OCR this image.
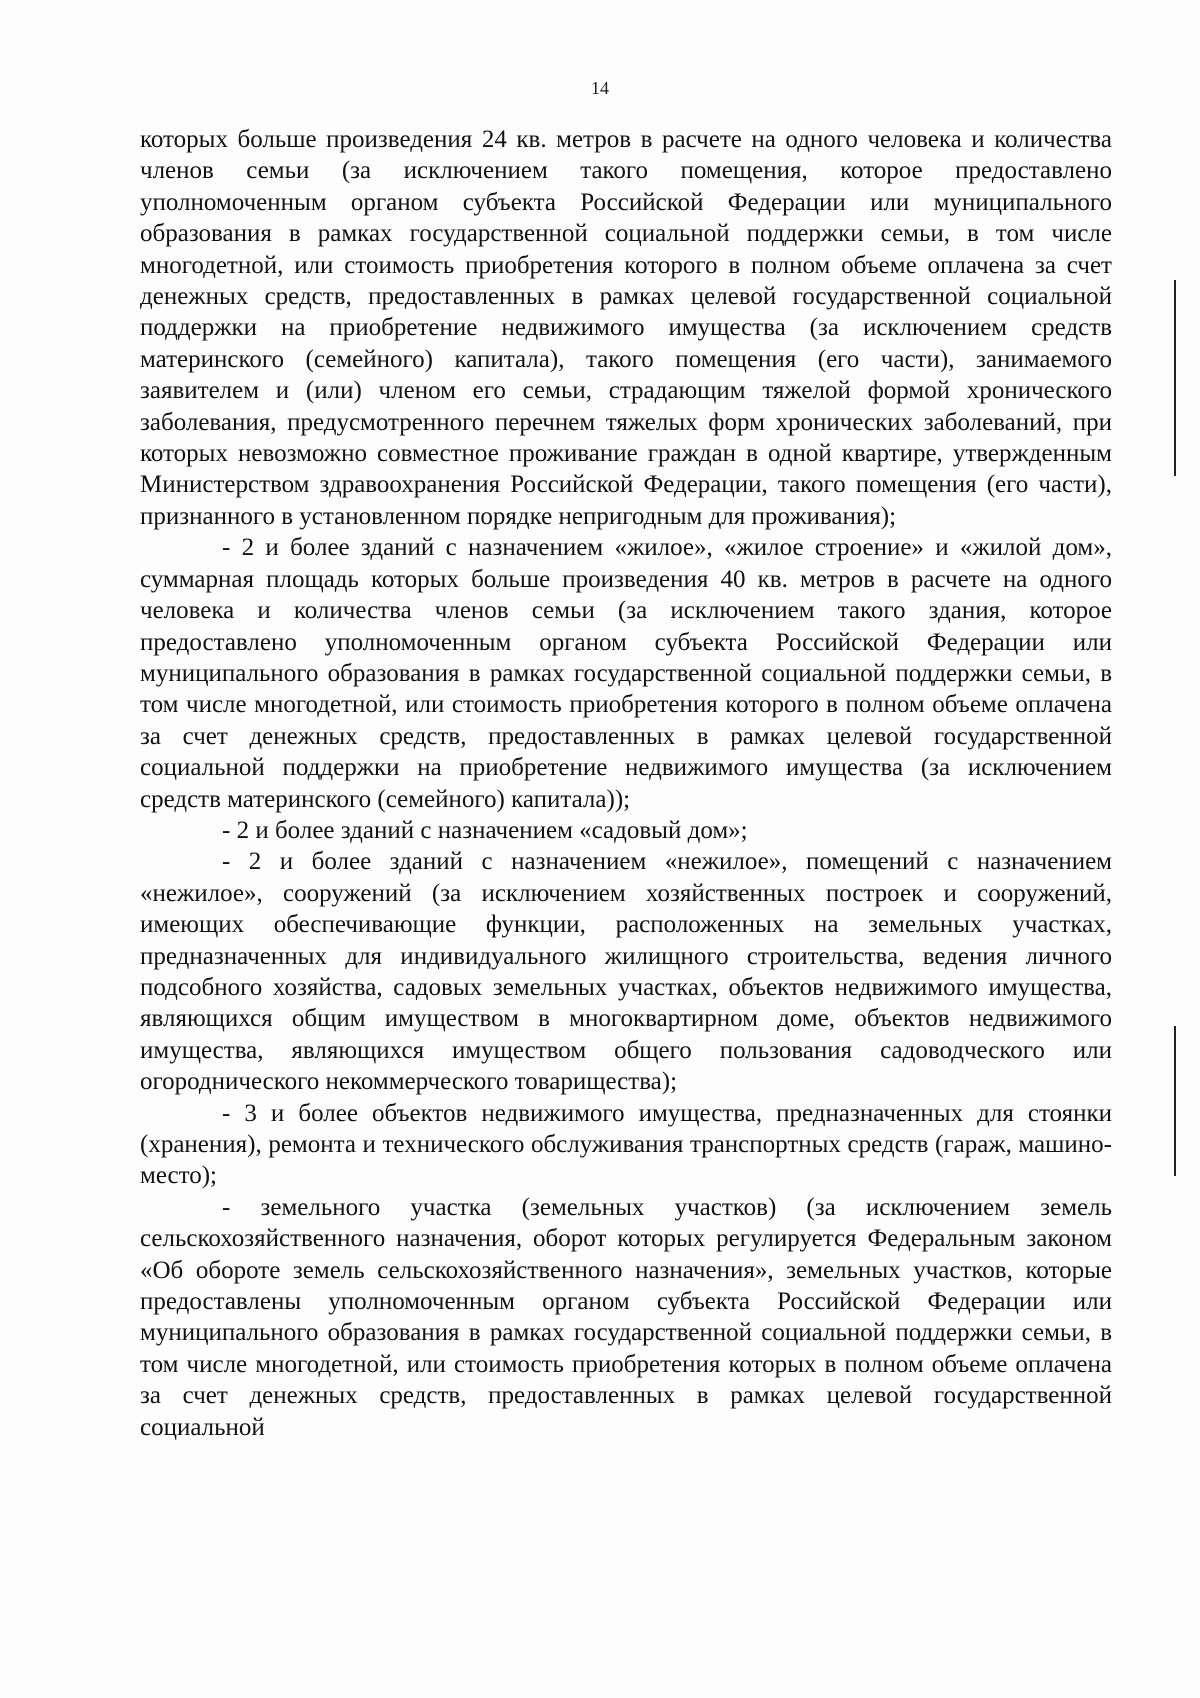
14

которых больше произведения 24 кв. метров в расчете на одного человека и количества членов семьи (за исключением такого помещения, которое предоставлено уполномоченным органом субъекта Российской Федерации или муниципального образования в рамках государственной социальной поддержки семьи, в том числе многодетной, или стоимость приобретения которого в полном объеме оплачена за счет денежных средств, предоставленных в рамках целевой государственной социальной поддержки на приобретение недвижимого имущества (за исключением средств материнского (семейного) капитала), такого помещения (его части), занимаемого заявителем и (или) членом его семьи, страдающим тяжелой формой хронического заболевания, предусмотренного перечнем тяжелых форм хронических заболеваний, при которых невозможно совместное проживание граждан в одной квартире, утвержденным Министерством здравоохранения Российской Федерации, такого помещения (его части), признанного в установленном порядке непригодным для проживания);

- 2 и более зданий с назначением «жилое», «жилое строение» и «жилой дом», суммарная площадь которых больше произведения 40 кв. метров в расчете на одного человека и количества членов семьи (за исключением такого здания, которое предоставлено уполномоченным органом субъекта Российской Федерации или муниципального образования в рамках государственной социальной поддержки семьи, в том числе многодетной, или стоимость приобретения которого в полном объеме оплачена за счет денежных средств, предоставленных в рамках целевой государственной социальной поддержки на приобретение недвижимого имущества (за исключением средств материнского (семейного) капитала));

- 2 и более зданий с назначением «садовый дом»;

- 2 и более зданий с назначением «нежилое», помещений с назначением «нежилое», сооружений (за исключением хозяйственных построек и сооружений, имеющих обеспечивающие функции, расположенных на земельных участках, предназначенных для индивидуального жилищного строительства, ведения личного подсобного хозяйства, садовых земельных участках, объектов недвижимого имущества, являющихся общим имуществом в многоквартирном доме, объектов недвижимого имущества, являющихся имуществом общего пользования садоводческого или огороднического некоммерческого товарищества);

- 3 и более объектов недвижимого имущества, предназначенных для стоянки (хранения), ремонта и технического обслуживания транспортных средств (гараж, машино-место);

- земельного участка (земельных участков) (за исключением земель сельскохозяйственного назначения, оборот которых регулируется Федеральным законом «Об обороте земель сельскохозяйственного назначения», земельных участков, которые предоставлены уполномоченным органом субъекта Российской Федерации или муниципального образования в рамках государственной социальной поддержки семьи, в том числе многодетной, или стоимость приобретения которых в полном объеме оплачена за счет денежных средств, предоставленных в рамках целевой государственной социальной
